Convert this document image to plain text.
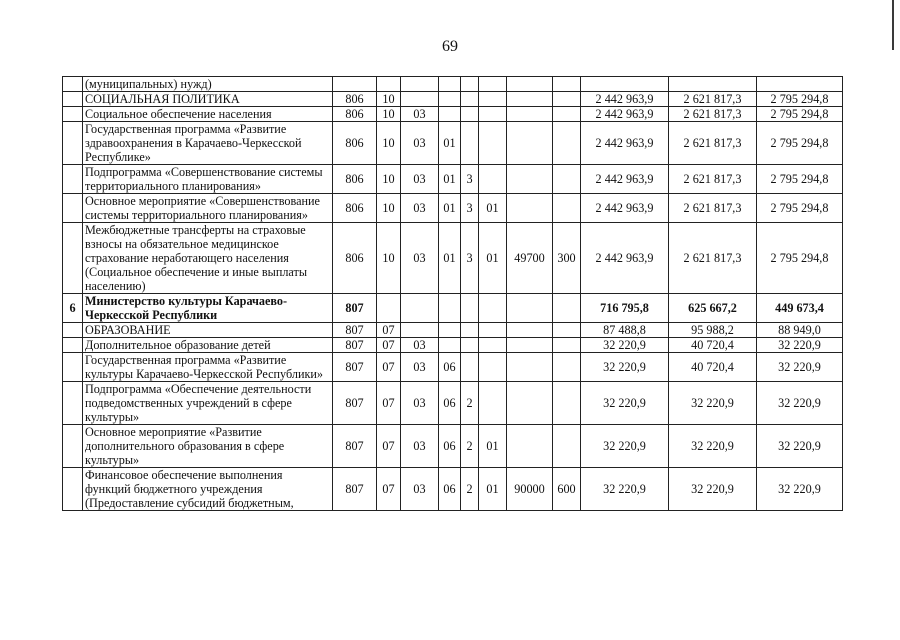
69
	(муниципальных) нужд)											
	СОЦИАЛЬНАЯ ПОЛИТИКА	806	10							2 442 963,9	2 621 817,3	2 795 294,8
	Социальное обеспечение населения	806	10	03						2 442 963,9	2 621 817,3	2 795 294,8
	Государственная программа «Развитие здравоохранения в Карачаево-Черкесской Республике»	806	10	03	01					2 442 963,9	2 621 817,3	2 795 294,8
	Подпрограмма «Совершенствование системы территориального планирования»	806	10	03	01	3				2 442 963,9	2 621 817,3	2 795 294,8
	Основное мероприятие «Совершенствование системы территориального планирования»	806	10	03	01	3	01			2 442 963,9	2 621 817,3	2 795 294,8
	Межбюджетные трансферты на страховые взносы на обязательное медицинское страхование неработающего населения (Социальное обеспечение и иные выплаты населению)	806	10	03	01	3	01	49700	300	2 442 963,9	2 621 817,3	2 795 294,8
6	Министерство культуры Карачаево-Черкесской Республики	807								716 795,8	625 667,2	449 673,4
	ОБРАЗОВАНИЕ	807	07							87 488,8	95 988,2	88 949,0
	Дополнительное образование детей	807	07	03						32 220,9	40 720,4	32 220,9
	Государственная программа «Развитие культуры Карачаево-Черкесской Республики»	807	07	03	06					32 220,9	40 720,4	32 220,9
	Подпрограмма «Обеспечение деятельности подведомственных учреждений в сфере культуры»	807	07	03	06	2				32 220,9	32 220,9	32 220,9
	Основное мероприятие «Развитие дополнительного образования в сфере культуры»	807	07	03	06	2	01			32 220,9	32 220,9	32 220,9
	Финансовое обеспечение выполнения функций бюджетного учреждения (Предоставление субсидий бюджетным,	807	07	03	06	2	01	90000	600	32 220,9	32 220,9	32 220,9
